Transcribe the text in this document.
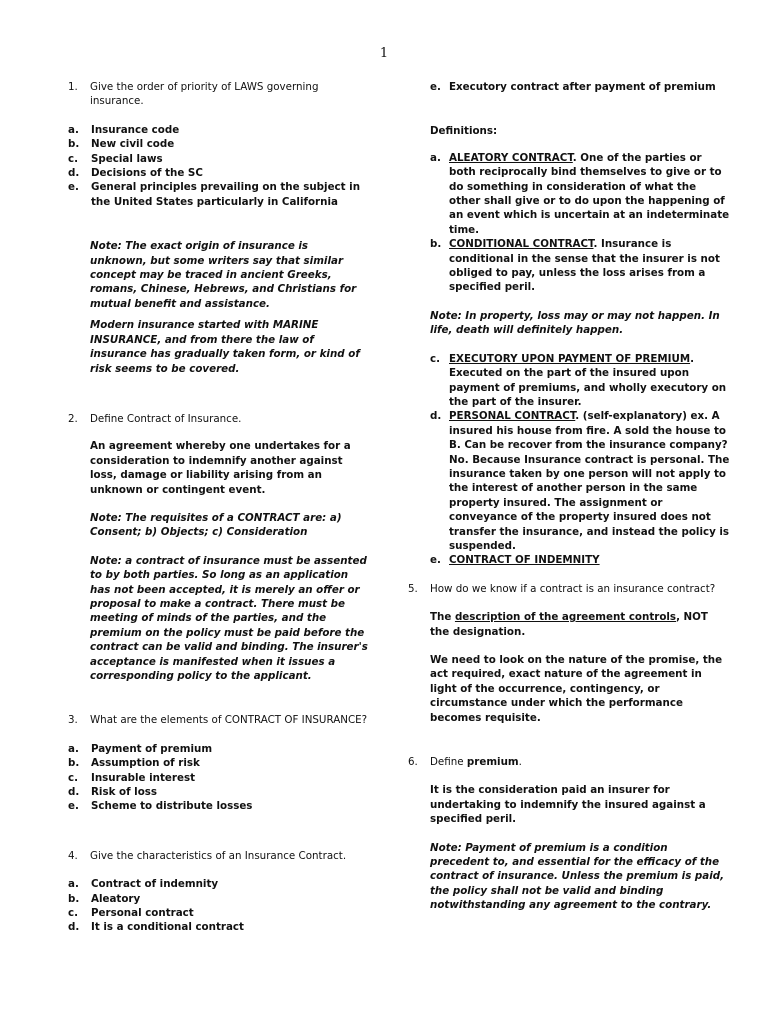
1
1.	Give the order of priority of LAWS governing insurance.
a.	Insurance code
b.	New civil code
c.	Special laws
d.	Decisions of the SC
e.	General principles prevailing on the subject in the United States particularly in California

Note: The exact origin of insurance is unknown, but some writers say that similar concept may be traced in ancient Greeks, romans, Chinese, Hebrews, and Christians for mutual benefit and assistance.

Modern insurance started with MARINE INSURANCE, and from there the law of insurance has gradually taken form, or kind of risk seems to be covered.

2.	Define Contract of Insurance.

An agreement whereby one undertakes for a consideration to indemnify another against loss, damage or liability arising from an unknown or contingent event.

Note: The requisites of a CONTRACT are: a) Consent; b) Objects; c) Consideration

Note: a contract of insurance must be assented to by both parties. So long as an application has not been accepted, it is merely an offer or proposal to make a contract. There must be meeting of minds of the parties, and the premium on the policy must be paid before the contract can be valid and binding. The insurer's acceptance is manifested when it issues a corresponding policy to the applicant.

3.	What are the elements of CONTRACT OF INSURANCE?
a.	Payment of premium
b.	Assumption of risk
c.	Insurable interest
d.	Risk of loss
e.	Scheme to distribute losses
4.	Give the characteristics of an Insurance Contract.
a.	Contract of indemnity
b.	Aleatory
c.	Personal contract
d.	It is a conditional contract
e. Executory contract after payment of premium

Definitions:

a. ALEATORY CONTRACT. One of the parties or both reciprocally bind themselves to give or to do something in consideration of what the other shall give or to do upon the happening of an event which is uncertain at an indeterminate time.
b. CONDITIONAL CONTRACT. Insurance is conditional in the sense that the insurer is not obliged to pay, unless the loss arises from a specified peril.

Note: In property, loss may or may not happen. In life, death will definitely happen.

c. EXECUTORY UPON PAYMENT OF PREMIUM. Executed on the part of the insured upon payment of premiums, and wholly executory on the part of the insurer.
d. PERSONAL CONTRACT. (self-explanatory) ex. A insured his house from fire. A sold the house to B. Can be recover from the insurance company? No. Because Insurance contract is personal. The insurance taken by one person will not apply to the interest of another person in the same property insured. The assignment or conveyance of the property insured does not transfer the insurance, and instead the policy is suspended.
e. CONTRACT OF INDEMNITY
5.	How do we know if a contract is an insurance contract?

The description of the agreement controls, NOT the designation.

We need to look on the nature of the promise, the act required, exact nature of the agreement in light of the occurrence, contingency, or circumstance under which the performance becomes requisite.

6.	Define premium.

It is the consideration paid an insurer for undertaking to indemnify the insured against a specified peril.

Note: Payment of premium is a condition precedent to, and essential for the efficacy of the contract of insurance. Unless the premium is paid, the policy shall not be valid and binding notwithstanding any agreement to the contrary.
